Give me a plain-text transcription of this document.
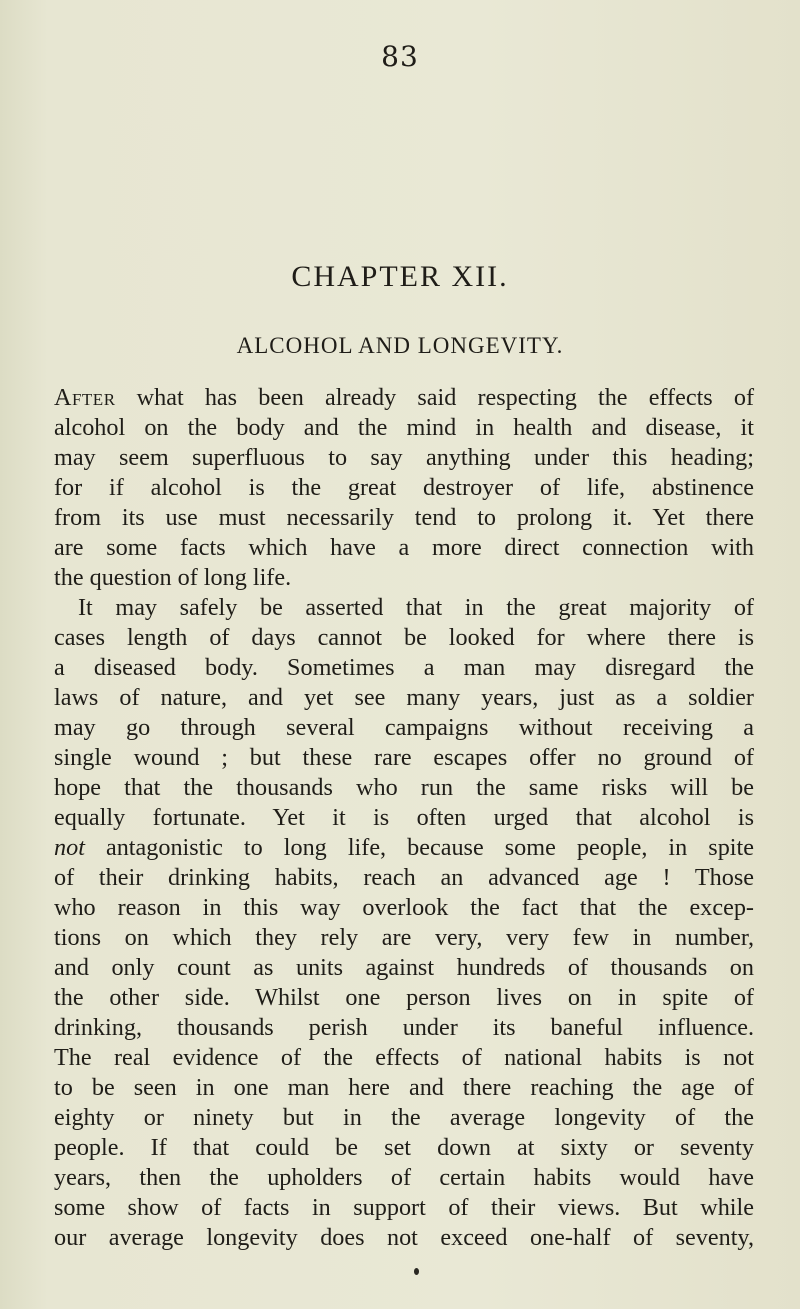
83
CHAPTER XII.
ALCOHOL AND LONGEVITY.
After what has been already said respecting the effects of
alcohol on the body and the mind in health and disease, it
may seem superfluous to say anything under this heading;
for if alcohol is the great destroyer of life, abstinence
from its use must necessarily tend to prolong it. Yet there
are some facts which have a more direct connection with
the question of long life.
It may safely be asserted that in the great majority of
cases length of days cannot be looked for where there is
a diseased body. Sometimes a man may disregard the
laws of nature, and yet see many years, just as a soldier
may go through several campaigns without receiving a
single wound ; but these rare escapes offer no ground of
hope that the thousands who run the same risks will be
equally fortunate. Yet it is often urged that alcohol is
not antagonistic to long life, because some people, in spite
of their drinking habits, reach an advanced age ! Those
who reason in this way overlook the fact that the excep-
tions on which they rely are very, very few in number,
and only count as units against hundreds of thousands on
the other side. Whilst one person lives on in spite of
drinking, thousands perish under its baneful influence.
The real evidence of the effects of national habits is not
to be seen in one man here and there reaching the age of
eighty or ninety but in the average longevity of the
people. If that could be set down at sixty or seventy
years, then the upholders of certain habits would have
some show of facts in support of their views. But while
our average longevity does not exceed one-half of seventy,
